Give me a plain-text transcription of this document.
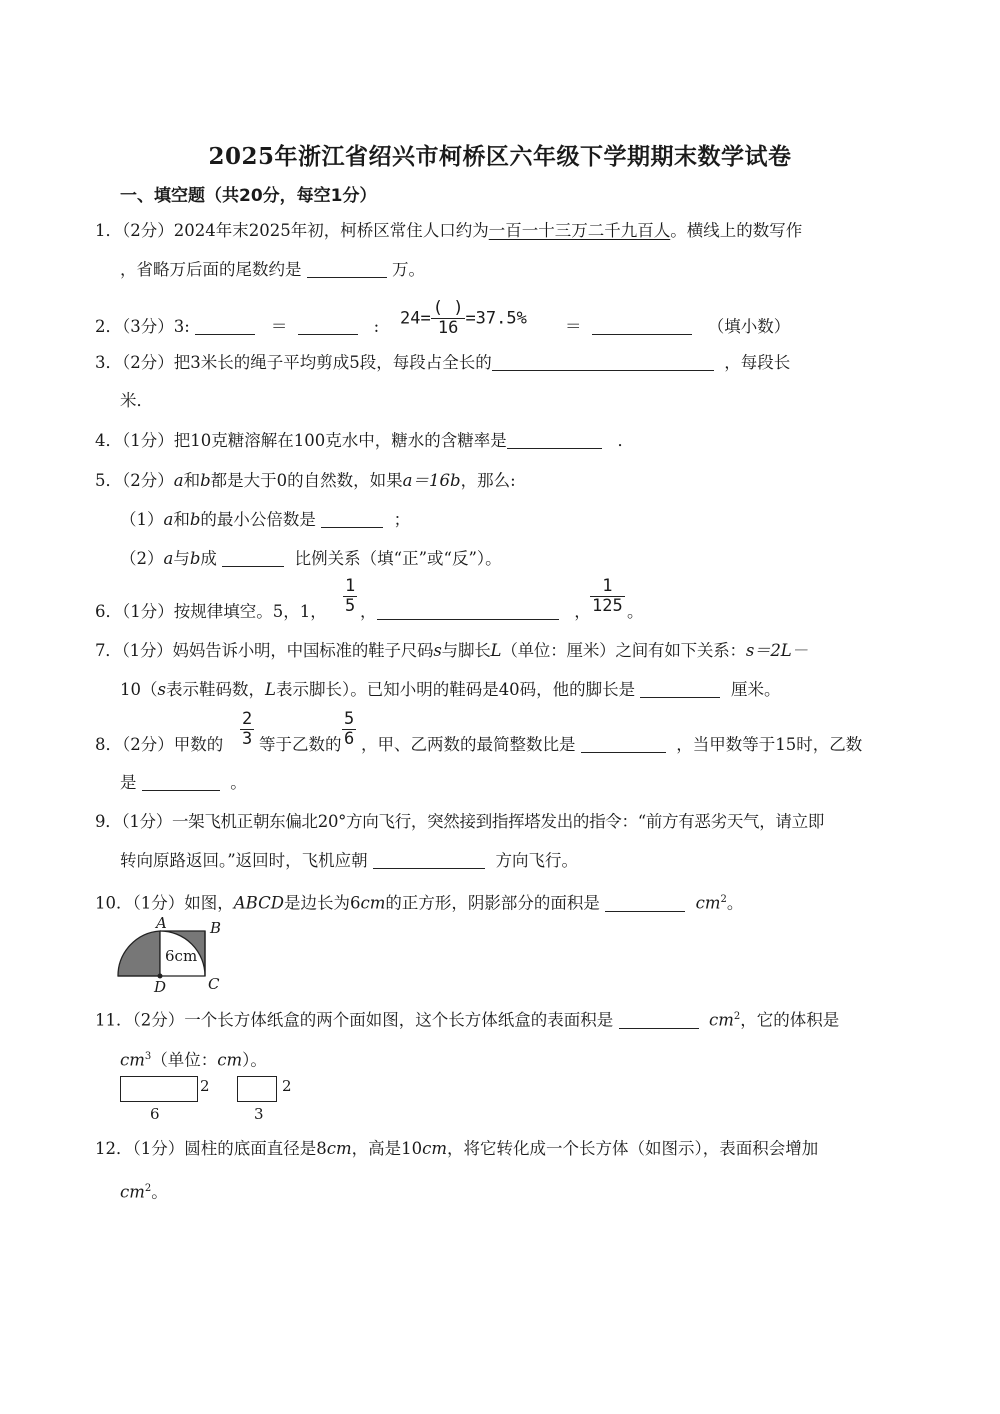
2025年浙江省绍兴市柯桥区六年级下学期期末数学试卷
一、填空题（共20分，每空1分）
1．（2分）2024年末2025年初，柯桥区常住人口约为一百一十三万二千九百人。横线上的数写作
，省略万后面的尾数约是	万。
2．（3分）3:	＝	: $24= \frac{( )}{16} =37.5\%$ ＝	（填小数）
3．（2分）把3米长的绳子平均剪成5段，每段占全长的	，每段长
米．
4．（1分）把10克糖溶解在100克水中，糖水的含糖率是	．
5．（2分）a和b都是大于0的自然数，如果a＝16b，那么:
（1）a和b的最小公倍数是	；
（2）a与b成	比例关系（填“正”或“反”）。
6．（1分）按规律填空。5，1， $\frac{1}{5}$ ，	， $\frac{1}{125}$ 。
7．（1分）妈妈告诉小明，中国标准的鞋子尺码s与脚长L（单位：厘米）之间有如下关系：s＝2L－
10（s表示鞋码数，L表示脚长）。已知小明的鞋码是40码，他的脚长是	厘米。
8．（2分）甲数的 $\frac{2}{3}$ 等于乙数的 $\frac{5}{6}$ ，甲、乙两数的最简整数比是	，当甲数等于15时，乙数
是	。
9．（1分）一架飞机正朝东偏北20°方向飞行，突然接到指挥塔发出的指令：“前方有恶劣天气，请立即
转向原路返回。”返回时，飞机应朝	方向飞行。
10．（1分）如图，ABCD是边长为6cm的正方形，阴影部分的面积是	$cm^2$。
A	B
C
D
6cm
11．（2分）一个长方体纸盒的两个面如图，这个长方体纸盒的表面积是	$cm^2$，它的体积是
$cm^3$（单位：cm）。
2
6
2
3
12．（1分）圆柱的底面直径是8cm，高是10cm，将它转化成一个长方体（如图示），表面积会增加
$cm^2$。
